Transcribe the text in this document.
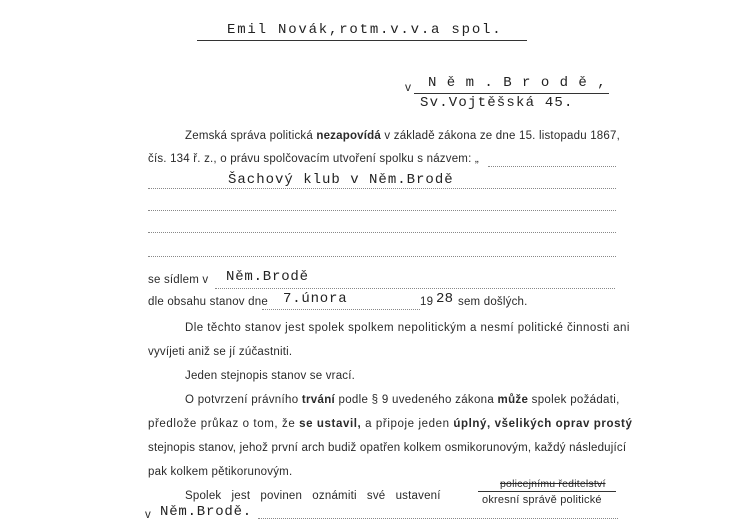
Emil Novák,rotm.v.v.a spol.
v N ě m . B r o d ě ,
Sv.Vojtěšská 45.
Zemská správa politická nezapovídá v základě zákona ze dne 15. listopadu 1867,
čís. 134 ř. z., o právu spolčovacím utvoření spolku s názvem: „
Šachový klub v Něm.Brodě
se sídlem v Něm.Brodě
dle obsahu stanov dne 7.února	19 28 sem došlých.
Dle těchto stanov jest spolek spolkem nepolitickým a nesmí politické činnosti ani
vyvíjeti aniž se jí zúčastniti.
Jeden stejnopis stanov se vrací.
O potvrzení právního trvání podle § 9 uvedeného zákona může spolek požádati,
předlože průkaz o tom, že se ustavil, a připoje jeden úplný, všelikých oprav prostý
stejnopis stanov, jehož první arch budiž opatřen kolkem osmikorunovým, každý následující
pak kolkem pětikorunovým.
Spolek   jest   povinen   oznámiti   své   ustavení
policejnímu ředitelství
okresní správě politické
v Něm.Brodě.
